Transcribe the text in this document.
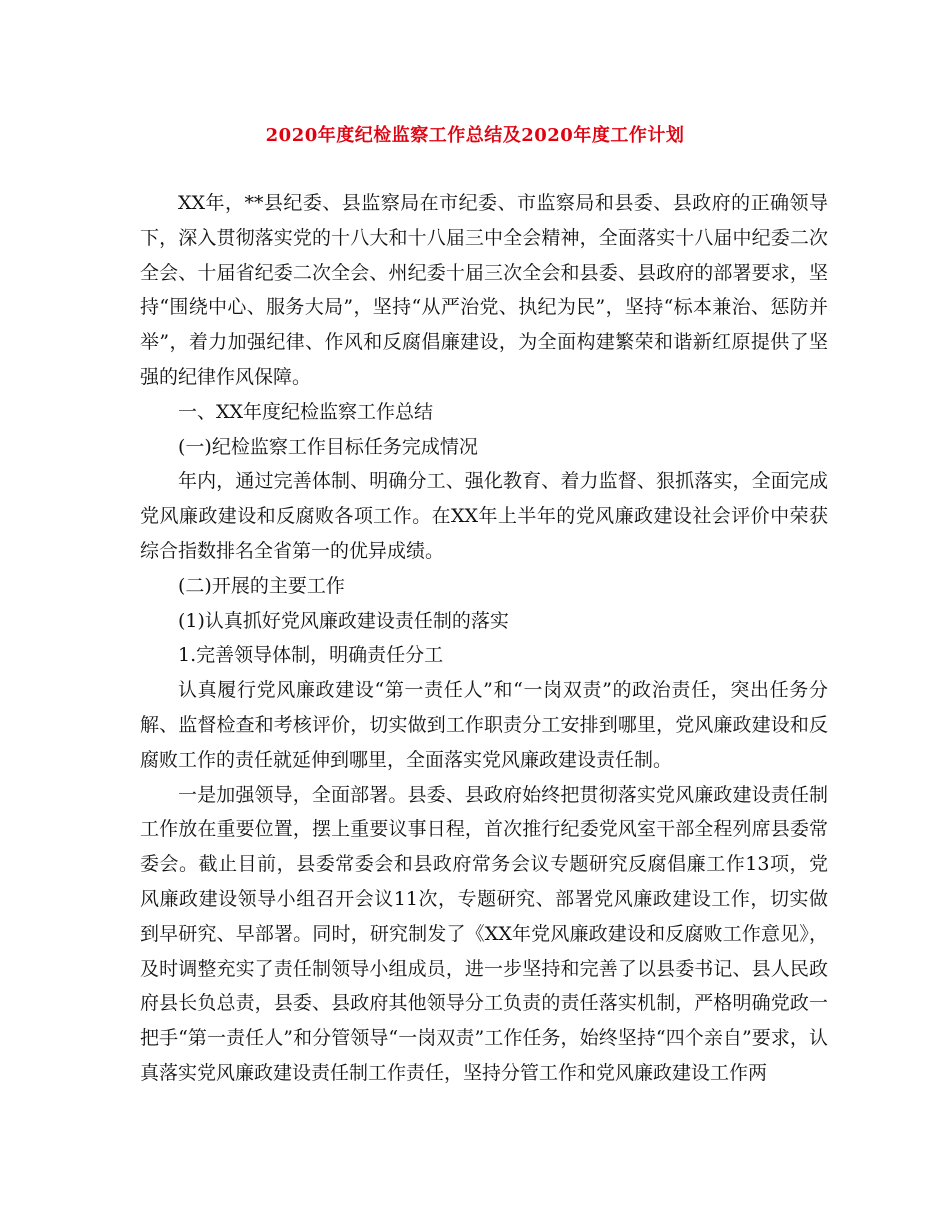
2020年度纪检监察工作总结及2020年度工作计划

XX年，**县纪委、县监察局在市纪委、市监察局和县委、县政府的正确领导下，深入贯彻落实党的十八大和十八届三中全会精神，全面落实十八届中纪委二次全会、十届省纪委二次全会、州纪委十届三次全会和县委、县政府的部署要求，坚持“围绕中心、服务大局”，坚持“从严治党、执纪为民”，坚持“标本兼治、惩防并举”，着力加强纪律、作风和反腐倡廉建设，为全面构建繁荣和谐新红原提供了坚强的纪律作风保障。

一、XX年度纪检监察工作总结

(一)纪检监察工作目标任务完成情况

年内，通过完善体制、明确分工、强化教育、着力监督、狠抓落实，全面完成党风廉政建设和反腐败各项工作。在XX年上半年的党风廉政建设社会评价中荣获综合指数排名全省第一的优异成绩。

(二)开展的主要工作

(1)认真抓好党风廉政建设责任制的落实

1.完善领导体制，明确责任分工

认真履行党风廉政建设“第一责任人”和“一岗双责”的政治责任，突出任务分解、监督检查和考核评价，切实做到工作职责分工安排到哪里，党风廉政建设和反腐败工作的责任就延伸到哪里，全面落实党风廉政建设责任制。

一是加强领导，全面部署。县委、县政府始终把贯彻落实党风廉政建设责任制工作放在重要位置，摆上重要议事日程，首次推行纪委党风室干部全程列席县委常委会。截止目前，县委常委会和县政府常务会议专题研究反腐倡廉工作13项，党风廉政建设领导小组召开会议11次，专题研究、部署党风廉政建设工作，切实做到早研究、早部署。同时，研究制发了《XX年党风廉政建设和反腐败工作意见》，及时调整充实了责任制领导小组成员，进一步坚持和完善了以县委书记、县人民政府县长负总责，县委、县政府其他领导分工负责的责任落实机制，严格明确党政一把手“第一责任人”和分管领导“一岗双责”工作任务，始终坚持“四个亲自”要求，认真落实党风廉政建设责任制工作责任，坚持分管工作和党风廉政建设工作两
